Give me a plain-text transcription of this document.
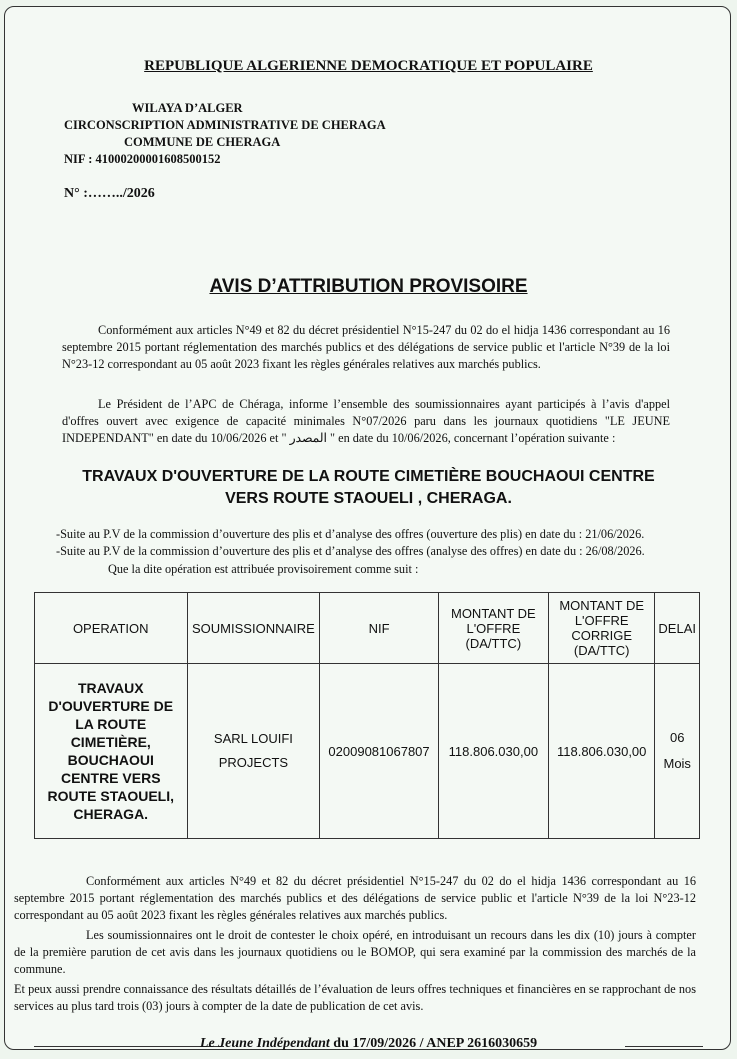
REPUBLIQUE ALGERIENNE DEMOCRATIQUE ET POPULAIRE
WILAYA D’ALGER
CIRCONSCRIPTION ADMINISTRATIVE DE CHERAGA
COMMUNE DE CHERAGA
NIF : 41000200001608500152
N° :……../2026
AVIS D’ATTRIBUTION PROVISOIRE
Conformément aux articles N°49 et 82 du décret présidentiel N°15-247 du 02 do el hidja 1436 correspondant au 16 septembre 2015 portant réglementation des marchés publics et des délégations de service public et l'article N°39 de la loi N°23-12 correspondant au 05 août 2023 fixant les règles générales relatives aux marchés publics.
Le Président de l’APC de Chéraga, informe l’ensemble des soumissionnaires ayant participés à l’avis d'appel d'offres ouvert avec exigence de capacité minimales N°07/2026 paru dans les journaux quotidiens "LE JEUNE INDEPENDANT" en date du 10/06/2026 et " المصدر " en date du 10/06/2026, concernant l’opération suivante :
TRAVAUX D'OUVERTURE DE LA ROUTE CIMETIÈRE BOUCHAOUI CENTRE
VERS ROUTE STAOUELI , CHERAGA.
-Suite au P.V de la commission d’ouverture des plis et d’analyse des offres (ouverture des plis) en date du : 21/06/2026.
-Suite au P.V de la commission d’ouverture des plis et d’analyse des offres (analyse des offres) en date du : 26/08/2026.
Que la dite opération est attribuée provisoirement comme suit :
OPERATION	SOUMISSIONNAIRE	NIF	MONTANT DE L'OFFRE (DA/TTC)	MONTANT DE L'OFFRE CORRIGE (DA/TTC)	DELAI
TRAVAUX D'OUVERTURE DE LA ROUTE CIMETIÈRE, BOUCHAOUI CENTRE VERS ROUTE STAOUELI, CHERAGA.	SARL LOUIFI PROJECTS	02009081067807	118.806.030,00	118.806.030,00	06
Mois
Conformément aux articles N°49 et 82 du décret présidentiel N°15-247 du 02 do el hidja 1436 correspondant au 16 septembre 2015 portant réglementation des marchés publics et des délégations de service public et l'article N°39 de la loi N°23-12 correspondant au 05 août 2023 fixant les règles générales relatives aux marchés publics.
Les soumissionnaires ont le droit de contester le choix opéré, en introduisant un recours dans les dix (10) jours à compter de la première parution de cet avis dans les journaux quotidiens ou le BOMOP, qui sera examiné par la commission des marchés de la commune.
Et peux aussi prendre connaissance des résultats détaillés de l’évaluation de leurs offres techniques et financières en se rapprochant de nos services au plus tard trois (03) jours à compter de la date de publication de cet avis.
Le Jeune Indépendant du 17/09/2026 / ANEP 2616030659
